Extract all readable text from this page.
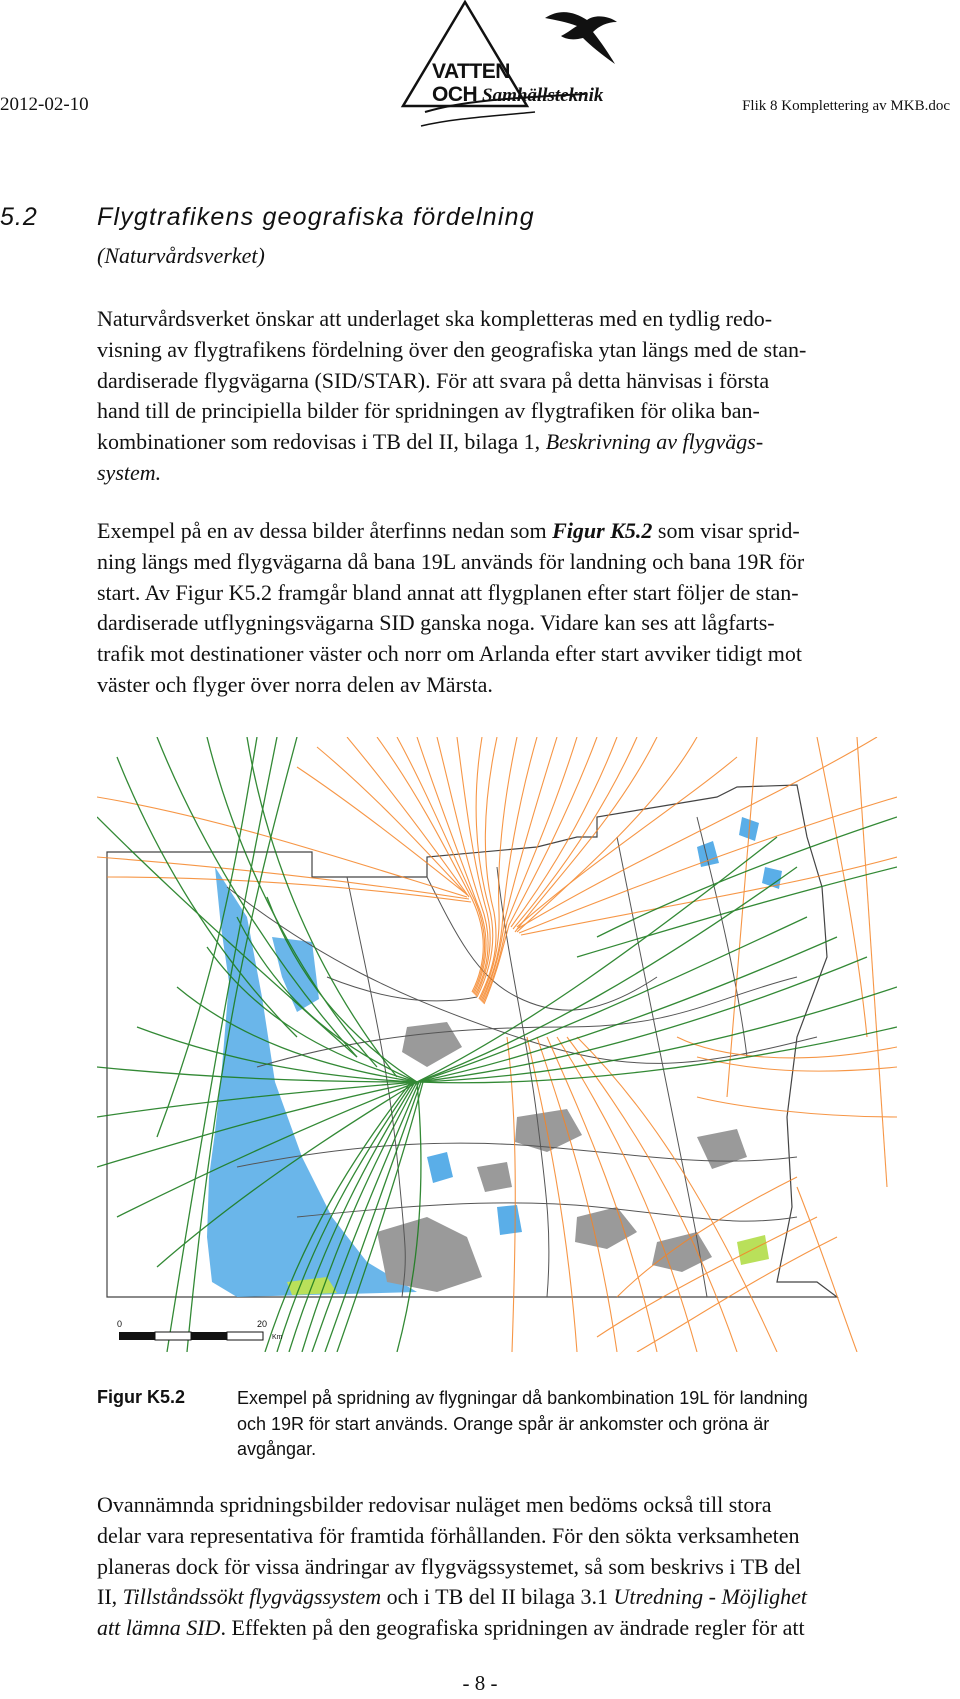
2012-02-10	Flik 8 Komplettering av MKB.doc
VATTEN
OCH Samhällsteknik
5.2 Flygtrafikens geografiska fördelning
(Naturvårdsverket)

Naturvårdsverket önskar att underlaget ska kompletteras med en tydlig redo-

visning av flygtrafikens fördelning över den geografiska ytan längs med de stan-

dardiserade flygvägarna (SID/STAR). För att svara på detta hänvisas i första

hand till de principiella bilder för spridningen av flygtrafiken för olika ban-

kombinationer som redovisas i TB del II, bilaga 1, Beskrivning av flygvägs-

system.

Exempel på en av dessa bilder återfinns nedan som Figur K5.2 som visar sprid-

ning längs med flygvägarna då bana 19L används för landning och bana 19R för

start. Av Figur K5.2 framgår bland annat att flygplanen efter start följer de stan-

dardiserade utflygningsvägarna SID ganska noga. Vidare kan ses att lågfarts-

trafik mot destinationer väster och norr om Arlanda efter start avviker tidigt mot

väster och flyger över norra delen av Märsta.

0	20
Km
Figur K5.2	Exempel på spridning av flygningar då bankombination 19L för landning

och 19R för start används. Orange spår är ankomster och gröna är

avgångar.

Ovannämnda spridningsbilder redovisar nuläget men bedöms också till stora

delar vara representativa för framtida förhållanden. För den sökta verksamheten

planeras dock för vissa ändringar av flygvägssystemet, så som beskrivs i TB del

II, Tillståndssökt flygvägssystem och i TB del II bilaga 3.1 Utredning - Möjlighet

att lämna SID. Effekten på den geografiska spridningen av ändrade regler för att

- 8 -
